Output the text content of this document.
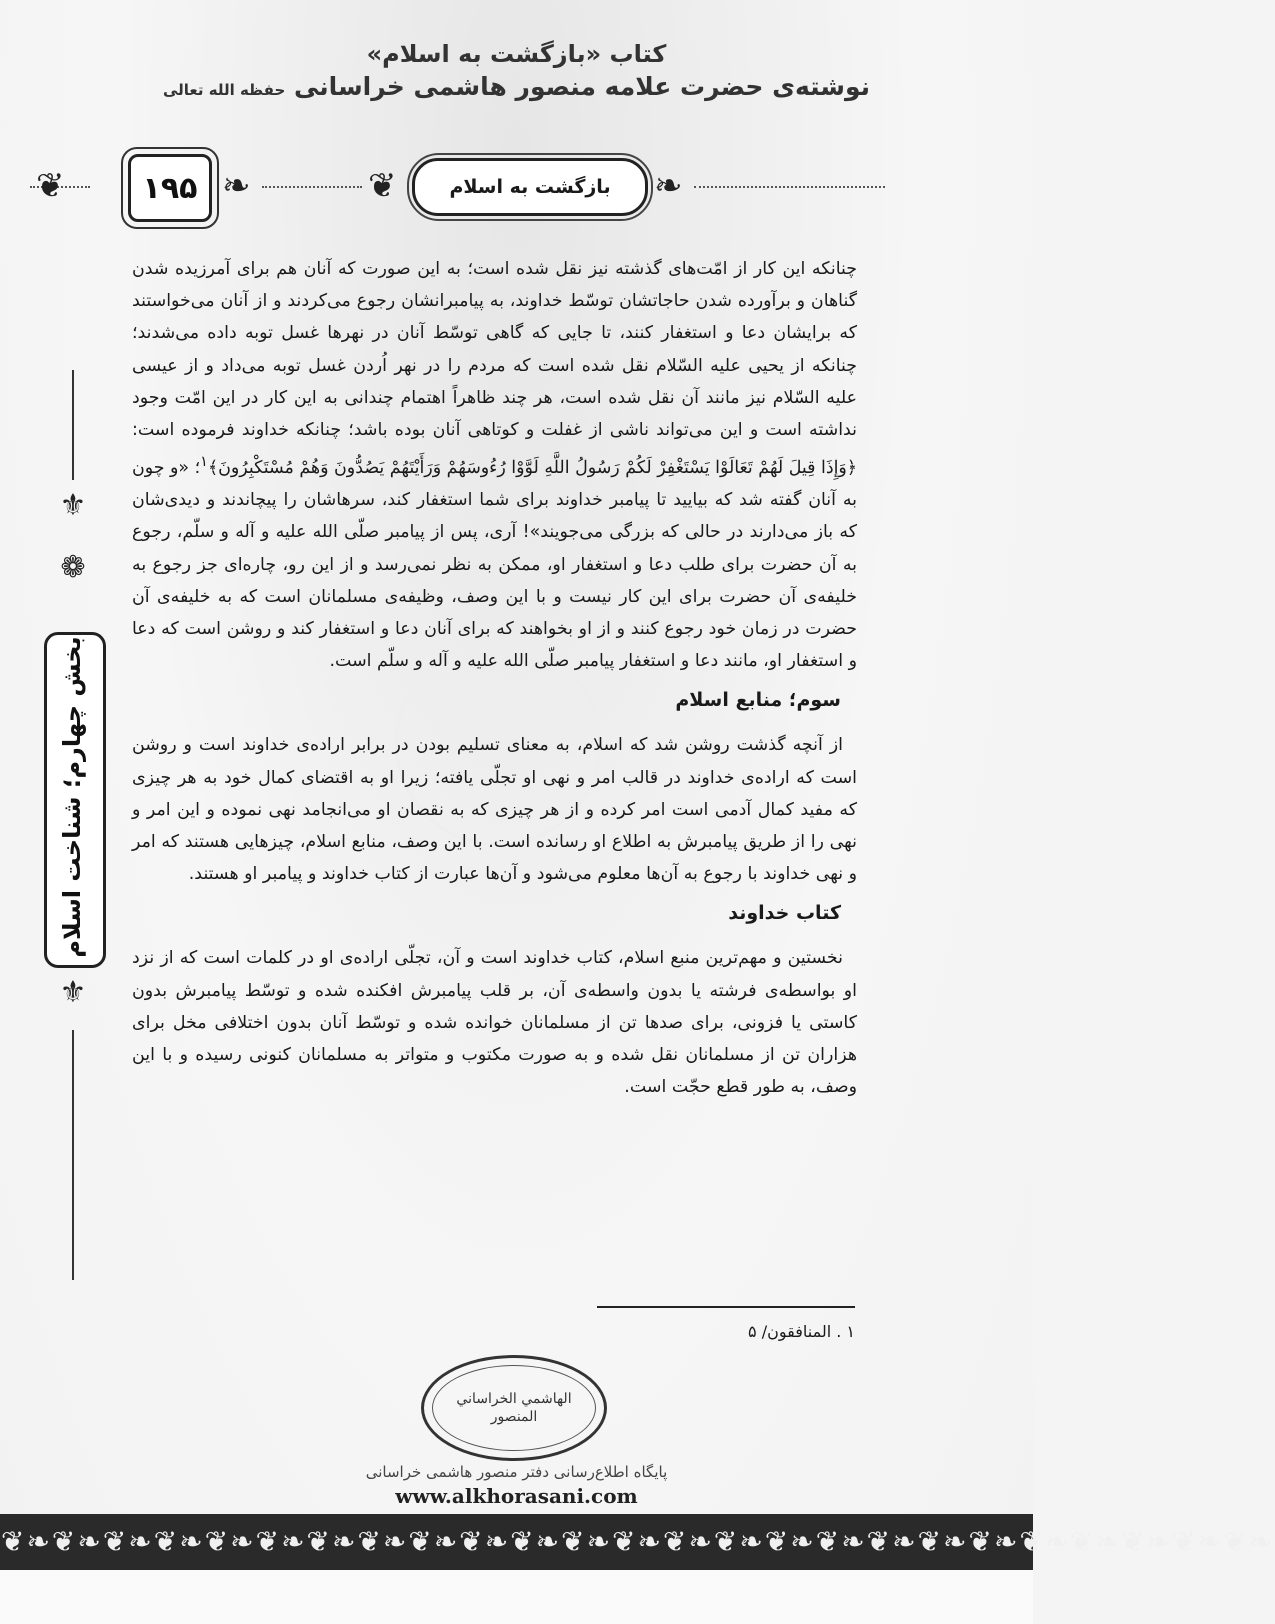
كتاب «بازگشت به اسلام»
نوشته‌ی حضرت علامه منصور هاشمی خراسانی حفظه الله تعالی
❦	۱۹۵ ❧	❦	بازگشت به اسلام	❧
⚜
❁
بخش چهارم؛ شناخت اسلام
⚜

چنانكه اين كار از امّت‌های گذشته نيز نقل شده است؛ به اين صورت كه آنان هم برای آمرزيده شدن گناهان و برآورده شدن حاجاتشان توسّط خداوند، به پيامبرانشان رجوع می‌كردند و از آنان می‌خواستند كه برايشان دعا و استغفار كنند، تا جايی كه گاهی توسّط آنان در نهرها غسل توبه داده می‌شدند؛ چنانكه از يحيی عليه السّلام نقل شده است كه مردم را در نهر اُردن غسل توبه می‌داد و از عيسی عليه السّلام نيز مانند آن نقل شده است، هر چند ظاهراً اهتمام چندانی به اين كار در اين امّت وجود نداشته است و اين می‌تواند ناشی از غفلت و كوتاهی آنان بوده باشد؛ چنانكه خداوند فرموده است: ﴿وَإِذَا قِيلَ لَهُمْ تَعَالَوْا يَسْتَغْفِرْ لَكُمْ رَسُولُ اللَّهِ لَوَّوْا رُءُوسَهُمْ وَرَأَيْتَهُمْ يَصُدُّونَ وَهُمْ مُسْتَكْبِرُونَ﴾$^۱$؛ «و چون به آنان گفته شد كه بياييد تا پيامبر خداوند برای شما استغفار كند، سرهاشان را پيچاندند و ديدی‌شان كه باز می‌دارند در حالی كه بزرگی می‌جويند»! آری، پس از پيامبر صلّی الله عليه و آله و سلّم، رجوع به آن حضرت برای طلب دعا و استغفار او، ممكن به نظر نمی‌رسد و از اين رو، چاره‌ای جز رجوع به خليفه‌ی آن حضرت برای اين كار نيست و با اين وصف، وظيفه‌ی مسلمانان است كه به خليفه‌ی آن حضرت در زمان خود رجوع كنند و از او بخواهند كه برای آنان دعا و استغفار كند و روشن است كه دعا و استغفار او، مانند دعا و استغفار پيامبر صلّی الله عليه و آله و سلّم است.

سوم؛ منابع اسلام

از آنچه گذشت روشن شد كه اسلام، به معنای تسليم بودن در برابر اراده‌ی خداوند است و روشن است كه اراده‌ی خداوند در قالب امر و نهی او تجلّی يافته؛ زيرا او به اقتضای كمال خود به هر چيزی كه مفيد كمال آدمی است امر كرده و از هر چيزی كه به نقصان او می‌انجامد نهی نموده و اين امر و نهی را از طريق پيامبرش به اطلاع او رسانده است. با اين وصف، منابع اسلام، چيزهايی هستند كه امر و نهی خداوند با رجوع به آن‌ها معلوم می‌شود و آن‌ها عبارت از كتاب خداوند و پيامبر او هستند.

كتاب خداوند

نخستين و مهم‌ترين منبع اسلام، كتاب خداوند است و آن، تجلّی اراده‌ی او در كلمات است كه از نزد او بواسطه‌ی فرشته يا بدون واسطه‌ی آن، بر قلب پيامبرش افكنده شده و توسّط پيامبرش بدون كاستی يا فزونی، برای صدها تن از مسلمانان خوانده شده و توسّط آنان بدون اختلافی مخل برای هزاران تن از مسلمانان نقل شده و به صورت مكتوب و متواتر به مسلمانان كنونی رسيده و با اين وصف، به طور قطع حجّت است.

۱ . المنافقون/ ۵
الهاشمي الخراساني
المنصور
پایگاه اطلاع‌رسانی دفتر منصور هاشمی خراسانی
www.alkhorasani.com
❦❧❦❧❦❧❦❧❦❧❦❧❦❧❦❧❦❧❦❧❦❧❦❧❦❧❦❧❦❧❦❧❦❧❦❧❦❧❦❧❦❧❦❧❦❧❦❧❦❧
